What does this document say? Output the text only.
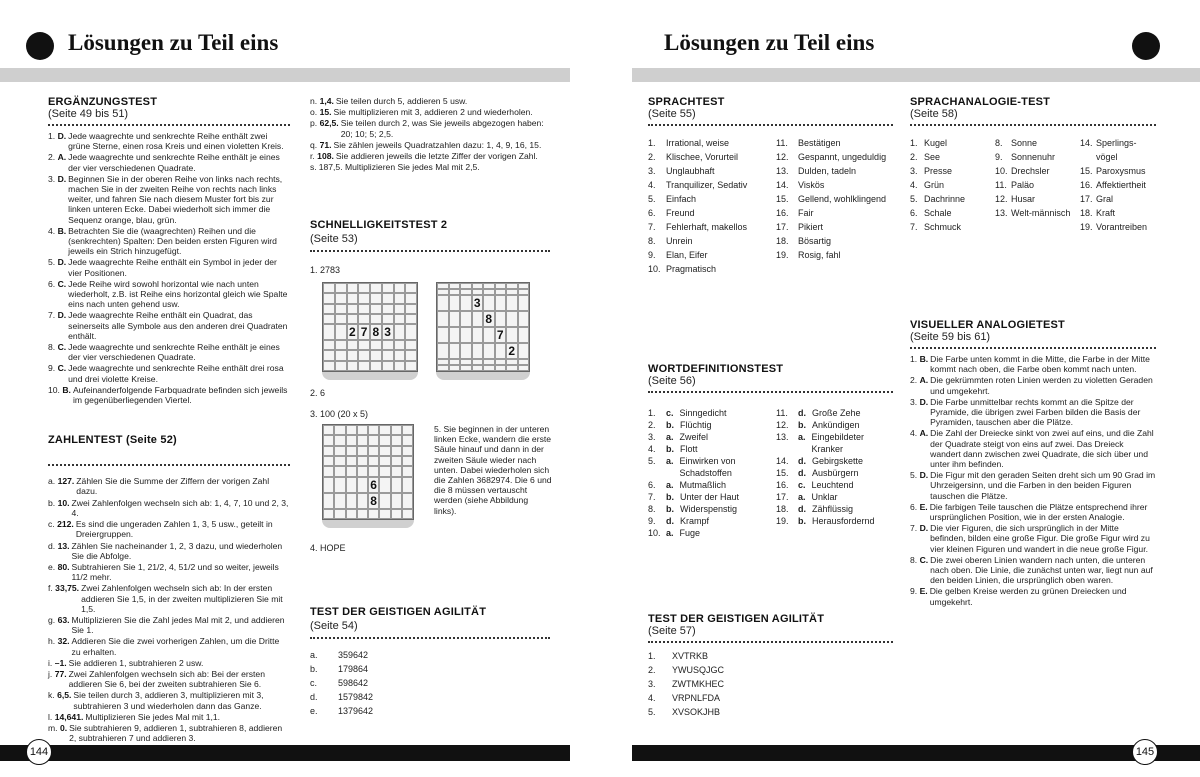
Lösungen zu Teil eins
ERGÄNZUNGSTEST
(Seite 49 bis 51)
1. D. Jede waagrechte und senkrechte Reihe enthält zwei grüne Sterne, einen rosa Kreis und einen violetten Kreis.
2. A. Jede waagrechte und senkrechte Reihe enthält je eines der vier verschiedenen Quadrate.
3. D. Beginnen Sie in der oberen Reihe von links nach rechts, machen Sie in der zweiten Reihe von rechts nach links weiter, und fahren Sie nach diesem Muster fort bis zur linken unteren Ecke. Dabei wiederholt sich immer die Sequenz orange, blau, grün.
4. B. Betrachten Sie die (waagrechten) Reihen und die (senkrechten) Spalten: Den beiden ersten Figuren wird jeweils ein Strich hinzugefügt.
5. D. Jede waagrechte Reihe enthält ein Symbol in jeder der vier Positionen.
6. C. Jede Reihe wird sowohl horizontal wie nach unten wiederholt, z.B. ist Reihe eins horizontal gleich wie Spalte eins nach unten gehend usw.
7. D. Jede waagrechte Reihe enthält ein Quadrat, das seinerseits alle Symbole aus den anderen drei Quadraten enthält.
8. C. Jede waagrechte und senkrechte Reihe enthält je eines der vier verschiedenen Quadrate.
9. C. Jede waagrechte und senkrechte Reihe enthält drei rosa und drei violette Kreise.
10. B. Aufeinanderfolgende Farbquadrate befinden sich jeweils im gegenüberliegenden Viertel.
ZAHLENTEST (Seite 52)
a. 127. Zählen Sie die Summe der Ziffern der vorigen Zahl dazu.
b. 10. Zwei Zahlenfolgen wechseln sich ab: 1, 4, 7, 10 und 2, 3, 4.
c. 212. Es sind die ungeraden Zahlen 1, 3, 5 usw., geteilt in Dreiergruppen.
d. 13. Zählen Sie nacheinander 1, 2, 3 dazu, und wiederholen Sie die Abfolge.
e. 80. Subtrahieren Sie 1, 21/2, 4, 51/2 und so weiter, jeweils 11/2 mehr.
f. 33,75. Zwei Zahlenfolgen wechseln sich ab: In der ersten addieren Sie 1,5, in der zweiten multiplizieren Sie mit 1,5.
g. 63. Multiplizieren Sie die Zahl jedes Mal mit 2, und addieren Sie 1.
h. 32. Addieren Sie die zwei vorherigen Zahlen, um die Dritte zu erhalten.
i. –1. Sie addieren 1, subtrahieren 2 usw.
j. 77. Zwei Zahlenfolgen wechseln sich ab: Bei der ersten addieren Sie 6, bei der zweiten subtrahieren Sie 6.
k. 6,5. Sie teilen durch 3, addieren 3, multiplizieren mit 3, subtrahieren 3 und wiederholen dann das Ganze.
l. 14,641. Multiplizieren Sie jedes Mal mit 1,1.
m. 0. Sie subtrahieren 9, addieren 1, subtrahieren 8, addieren 2, subtrahieren 7 und addieren 3.
n. 1,4. Sie teilen durch 5, addieren 5 usw.
o. 15. Sie multiplizieren mit 3, addieren 2 und wiederholen.
p. 62,5. Sie teilen durch 2, was Sie jeweils abgezogen haben: 20; 10; 5; 2,5.
q. 71. Sie zählen jeweils Quadratzahlen dazu: 1, 4, 9, 16, 15.
r. 108. Sie addieren jeweils die letzte Ziffer der vorigen Zahl.
s. 187,5. Multiplizieren Sie jedes Mal mit 2,5.
SCHNELLIGKEITSTEST 2
(Seite 53)
1. 2783
2 7 8 3
3
8
7
2
2. 6
3. 100 (20 x 5)
6
8
5. Sie beginnen in der unteren linken Ecke, wandern die erste Säule hinauf und dann in der zweiten Säule wieder nach unten. Dabei wiederholen sich die Zahlen 3682974. Die 6 und die 8 müssen vertauscht werden (siehe Abbildung links).
4. HOPE
TEST DER GEISTIGEN AGILITÄT
(Seite 54)
a.	359642
b.	179864
c.	598642
d.	1579842
e.	1379642
144
Lösungen zu Teil eins
SPRACHTEST
(Seite 55)
1.	Irrational, weise
2.	Klischee, Vorurteil
3.	Unglaubhaft
4.	Tranquilizer, Sedativ
5.	Einfach
6.	Freund
7.	Fehlerhaft, makellos
8.	Unrein
9.	Elan, Eifer
10. Pragmatisch
11.	Bestätigen
12.	Gespannt, ungeduldig
13.	Dulden, tadeln
14.	Viskös
15.	Gellend, wohlklingend
16.	Fair
17.	Pikiert
18.	Bösartig
19.	Rosig, fahl
SPRACHANALOGIE-TEST
(Seite 58)
1. Kugel
2. See
3. Presse
4. Grün
5. Dachrinne
6. Schale
7. Schmuck
8. Sonne
9. Sonnenuhr
10. Drechsler
11. Paläo
12. Husar
13. Welt-männisch
14. Sperlings-vögel
15. Paroxysmus
16. Affektiertheit
17. Gral
18. Kraft
19. Vorantreiben
WORTDEFINITIONSTEST
(Seite 56)
1.	c. Sinngedicht
2.	b. Flüchtig
3.	a. Zweifel
4.	b. Flott
5.	a. Einwirken von Schadstoffen
6.	a. Mutmaßlich
7.	b. Unter der Haut
8.	b. Widerspenstig
9.	d. Krampf
10. a. Fuge
11.	d. Große Zehe
12.	b. Ankündigen
13.	a. Eingebildeter Kranker
14.	d. Gebirgskette
15.	d. Ausbürgern
16.	c. Leuchtend
17.	a. Unklar
18.	d. Zähflüssig
19.	b. Herausfordernd
TEST DER GEISTIGEN AGILITÄT
(Seite 57)
1.	XVTRKB
2.	YWUSQJGC
3.	ZWTMKHEC
4.	VRPNLFDA
5.	XVSOKJHB
VISUELLER ANALOGIETEST
(Seite 59 bis 61)
1. B. Die Farbe unten kommt in die Mitte, die Farbe in der Mitte kommt nach oben, die Farbe oben kommt nach unten.
2. A. Die gekrümmten roten Linien werden zu violetten Geraden und umgekehrt.
3. D. Die Farbe unmittelbar rechts kommt an die Spitze der Pyramide, die übrigen zwei Farben bilden die Basis der Pyramiden, tauschen aber die Plätze.
4. A. Die Zahl der Dreiecke sinkt von zwei auf eins, und die Zahl der Quadrate steigt von eins auf zwei. Das Dreieck wandert dann zwischen zwei Quadrate, die sich über und unter ihm befinden.
5. D. Die Figur mit den geraden Seiten dreht sich um 90 Grad im Uhrzeigersinn, und die Farben in den beiden Figuren tauschen die Plätze.
6. E. Die farbigen Teile tauschen die Plätze entsprechend ihrer ursprünglichen Position, wie in der ersten Analogie.
7. D. Die vier Figuren, die sich ursprünglich in der Mitte befinden, bilden eine große Figur. Die große Figur wird zu vier kleinen Figuren und wandert in die neue große Figur.
8. C. Die zwei oberen Linien wandern nach unten, die unteren nach oben. Die Linie, die zunächst unten war, liegt nun auf den beiden Linien, die ursprünglich oben waren.
9. E. Die gelben Kreise werden zu grünen Dreiecken und umgekehrt.
145
